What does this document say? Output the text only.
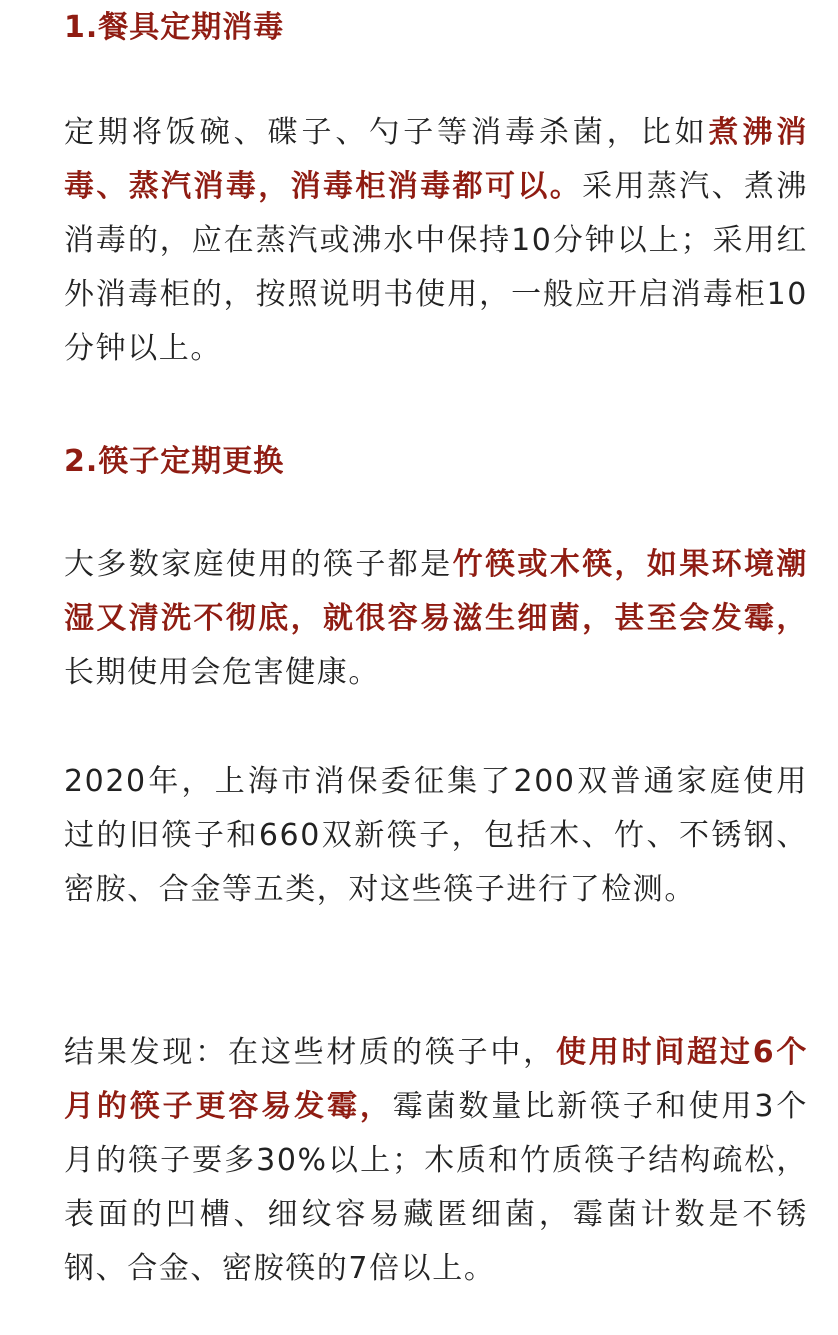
1.餐具定期消毒

定期将饭碗、碟子、勺子等消毒杀菌，比如煮沸消毒、蒸汽消毒，消毒柜消毒都可以。采用蒸汽、煮沸消毒的，应在蒸汽或沸水中保持10分钟以上；采用红外消毒柜的，按照说明书使用，一般应开启消毒柜10分钟以上。

2.筷子定期更换

大多数家庭使用的筷子都是竹筷或木筷，如果环境潮湿又清洗不彻底，就很容易滋生细菌，甚至会发霉，长期使用会危害健康。

2020年，上海市消保委征集了200双普通家庭使用过的旧筷子和660双新筷子，包括木、竹、不锈钢、密胺、合金等五类，对这些筷子进行了检测。

结果发现：在这些材质的筷子中，使用时间超过6个月的筷子更容易发霉，霉菌数量比新筷子和使用3个月的筷子要多30%以上；木质和竹质筷子结构疏松，表面的凹槽、细纹容易藏匿细菌，霉菌计数是不锈钢、合金、密胺筷的7倍以上。
